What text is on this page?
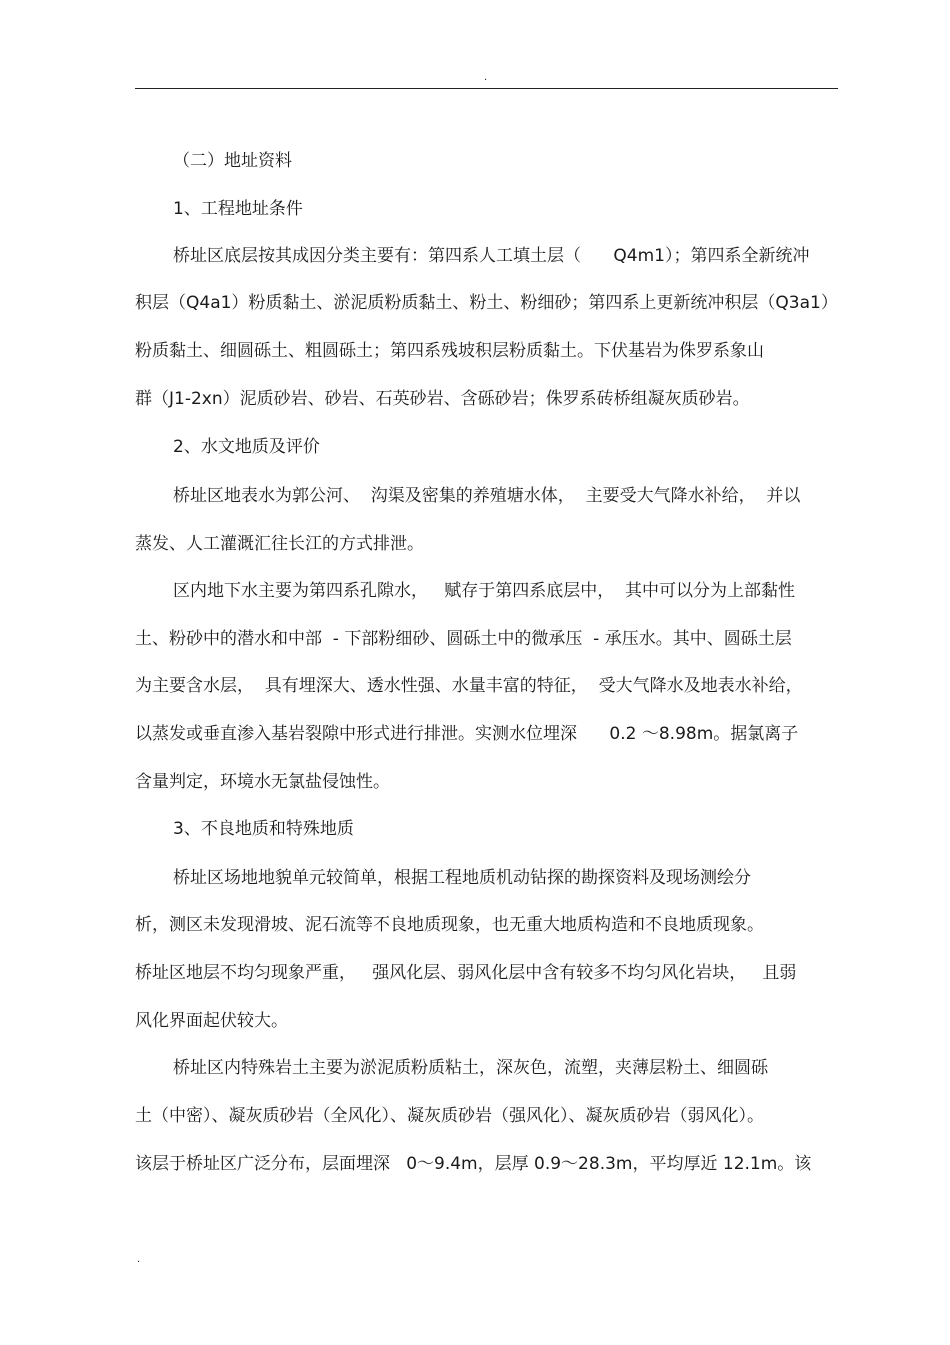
.
（二）地址资料
1、工程地址条件
桥址区底层按其成因分类主要有：第四系人工填土层（      Q4m1）；第四系全新统冲
积层（Q4a1）粉质黏土、淤泥质粉质黏土、粉土、粉细砂；第四系上更新统冲积层（Q3a1）
粉质黏土、细圆砾土、粗圆砾土；第四系残坡积层粉质黏土。下伏基岩为侏罗系象山
群（J1-2xn）泥质砂岩、砂岩、石英砂岩、含砾砂岩；侏罗系砖桥组凝灰质砂岩。
2、水文地质及评价
桥址区地表水为郭公河、  沟渠及密集的养殖塘水体，  主要受大气降水补给，  并以
蒸发、人工灌溉汇往长江的方式排泄。
区内地下水主要为第四系孔隙水，   赋存于第四系底层中，  其中可以分为上部黏性
土、粉砂中的潜水和中部  - 下部粉细砂、圆砾土中的微承压  - 承压水。其中、圆砾土层
为主要含水层，  具有埋深大、透水性强、水量丰富的特征，  受大气降水及地表水补给，
以蒸发或垂直渗入基岩裂隙中形式进行排泄。实测水位埋深      0.2 ～8.98m。据氯离子
含量判定，环境水无氯盐侵蚀性。
3、不良地质和特殊地质
桥址区场地地貌单元较简单，根据工程地质机动钻探的勘探资料及现场测绘分
析，测区未发现滑坡、泥石流等不良地质现象，也无重大地质构造和不良地质现象。
桥址区地层不均匀现象严重，   强风化层、弱风化层中含有较多不均匀风化岩块，   且弱
风化界面起伏较大。
桥址区内特殊岩土主要为淤泥质粉质粘土，深灰色，流塑，夹薄层粉土、细圆砾
土（中密）、凝灰质砂岩（全风化）、凝灰质砂岩（强风化）、凝灰质砂岩（弱风化）。
该层于桥址区广泛分布，层面埋深   0～9.4m，层厚 0.9～28.3m，平均厚近 12.1m。该
.
